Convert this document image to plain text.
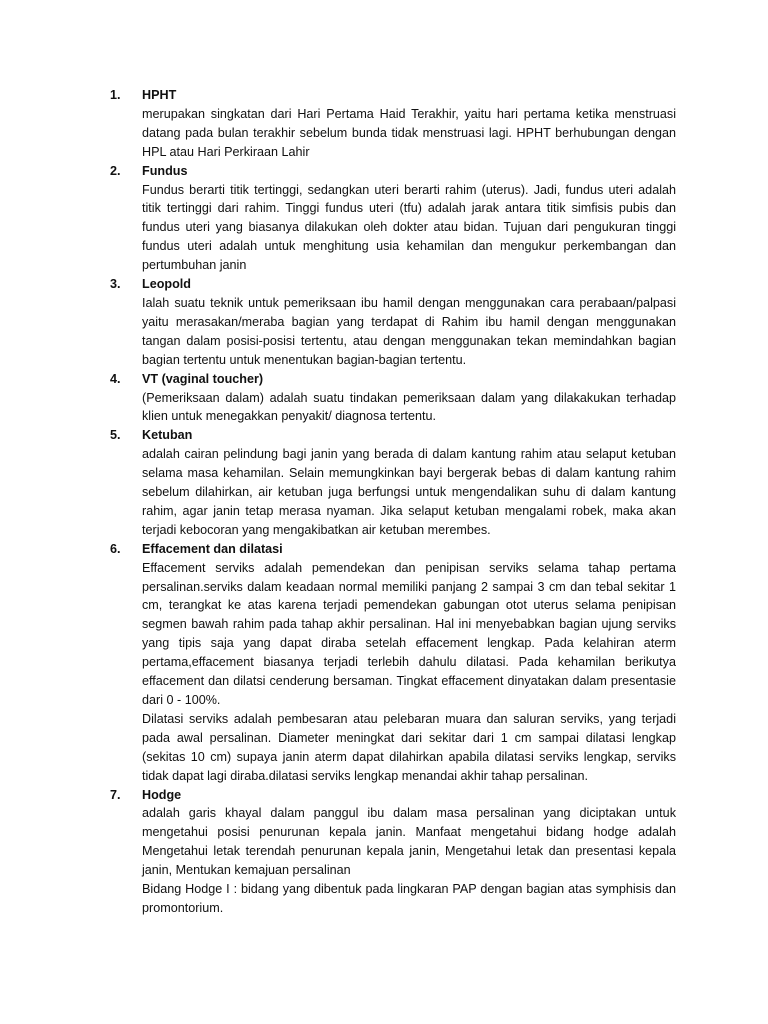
1.	HPHT

merupakan singkatan dari Hari Pertama Haid Terakhir, yaitu hari pertama ketika menstruasi datang pada bulan terakhir sebelum bunda tidak menstruasi lagi. HPHT berhubungan dengan HPL atau Hari Perkiraan Lahir

2.	Fundus

Fundus berarti titik tertinggi, sedangkan uteri berarti rahim (uterus). Jadi, fundus uteri adalah titik tertinggi dari rahim. Tinggi fundus uteri (tfu) adalah jarak antara titik simfisis pubis dan fundus uteri yang biasanya dilakukan oleh dokter atau bidan. Tujuan dari pengukuran tinggi fundus uteri adalah untuk menghitung usia kehamilan dan mengukur perkembangan dan pertumbuhan janin

3.	Leopold

Ialah suatu teknik untuk pemeriksaan ibu hamil dengan menggunakan cara perabaan/palpasi yaitu merasakan/meraba bagian yang terdapat di Rahim ibu hamil dengan menggunakan tangan dalam posisi-posisi tertentu, atau dengan menggunakan tekan memindahkan bagian bagian tertentu untuk menentukan bagian-bagian tertentu.

4.	VT (vaginal toucher)

(Pemeriksaan dalam) adalah suatu tindakan pemeriksaan dalam yang dilakakukan terhadap klien untuk menegakkan penyakit/ diagnosa tertentu.

5.	Ketuban

adalah cairan pelindung bagi janin yang berada di dalam kantung rahim atau selaput ketuban selama masa kehamilan. Selain memungkinkan bayi bergerak bebas di dalam kantung rahim sebelum dilahirkan, air ketuban juga berfungsi untuk mengendalikan suhu di dalam kantung rahim, agar janin tetap merasa nyaman. Jika selaput ketuban mengalami robek, maka akan terjadi kebocoran yang mengakibatkan air ketuban merembes.

6.	Effacement dan dilatasi

Effacement serviks adalah pemendekan dan penipisan serviks selama tahap pertama persalinan.serviks dalam keadaan normal memiliki panjang 2 sampai 3 cm dan tebal sekitar 1 cm, terangkat ke atas karena terjadi pemendekan gabungan otot uterus selama penipisan segmen bawah rahim pada tahap akhir persalinan. Hal ini menyebabkan bagian ujung serviks yang tipis saja yang dapat diraba setelah effacement lengkap. Pada kelahiran aterm pertama,effacement biasanya terjadi terlebih dahulu dilatasi. Pada kehamilan berikutya effacement dan dilatsi cenderung bersaman. Tingkat effacement dinyatakan dalam presentasie dari 0 - 100%.

Dilatasi serviks adalah pembesaran atau pelebaran muara dan saluran serviks, yang terjadi pada awal persalinan. Diameter meningkat dari sekitar dari 1 cm sampai dilatasi lengkap (sekitas 10 cm) supaya janin aterm dapat dilahirkan apabila dilatasi serviks lengkap, serviks tidak dapat lagi diraba.dilatasi serviks lengkap menandai akhir tahap persalinan.

7.	Hodge

adalah garis khayal dalam panggul ibu dalam masa persalinan yang diciptakan untuk mengetahui posisi penurunan kepala janin. Manfaat mengetahui bidang hodge adalah Mengetahui letak terendah penurunan kepala janin, Mengetahui letak dan presentasi kepala janin, Mentukan kemajuan persalinan

Bidang Hodge I : bidang yang dibentuk pada lingkaran PAP dengan bagian atas symphisis dan promontorium.
